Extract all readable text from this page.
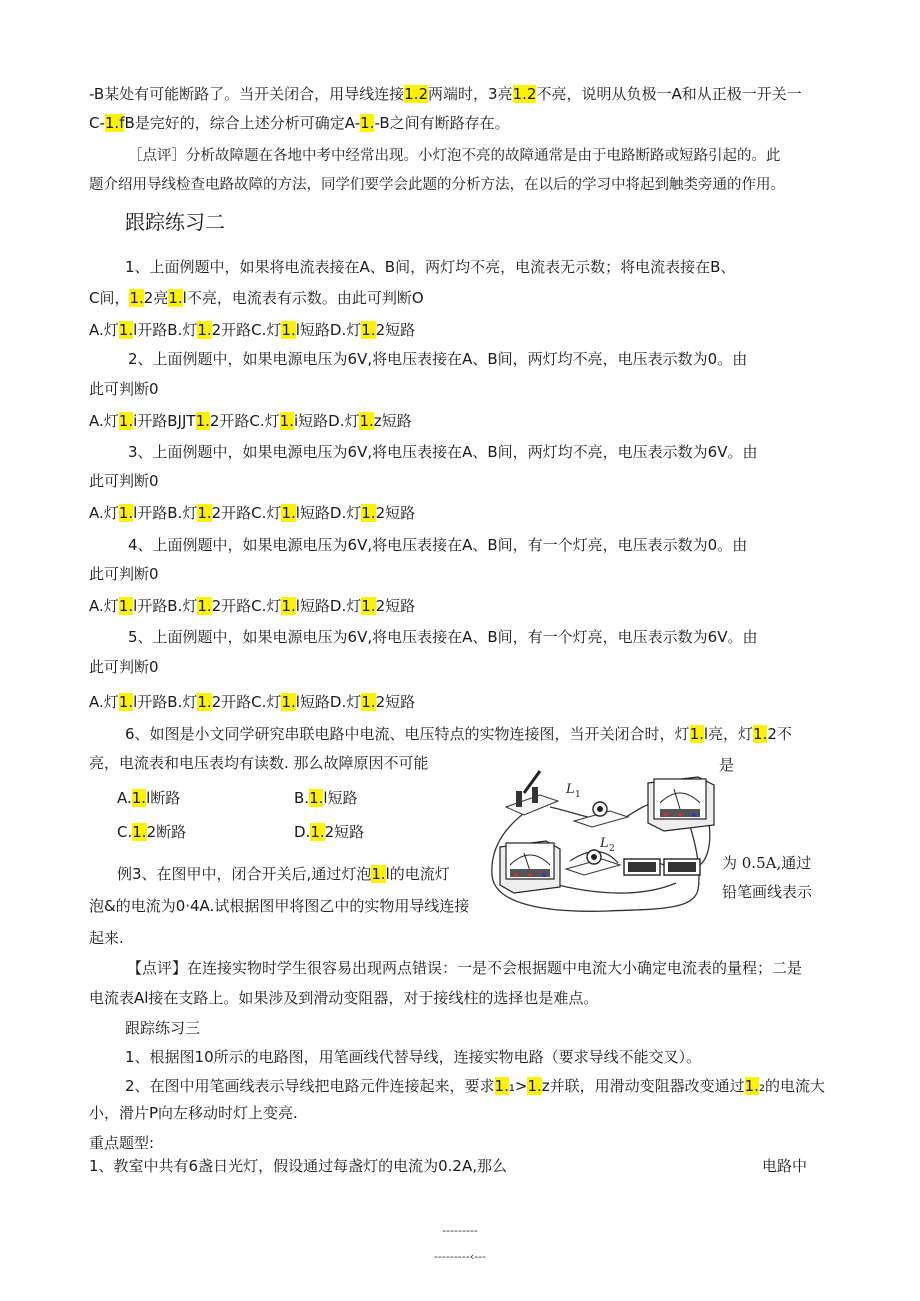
-B某处有可能断路了。当开关闭合，用导线连接1.2两端时，3亮1.2不亮，说明从负极一A和从正极一开关一
C-1.fB是完好的，综合上述分析可确定A-1.-B之间有断路存在。
［点评］分析故障题在各地中考中经常出现。小灯泡不亮的故障通常是由于电路断路或短路引起的。此
题介绍用导线检查电路故障的方法，同学们要学会此题的分析方法，在以后的学习中将起到触类旁通的作用。
跟踪练习二
1、上面例题中，如果将电流表接在A、B间，两灯均不亮，电流表无示数；将电流表接在B、
C间，1.2亮1.l不亮，电流表有示数。由此可判断O
A.灯1.l开路B.灯1.2开路C.灯1.l短路D.灯1.2短路
2、上面例题中，如果电源电压为6V,将电压表接在A、B间，两灯均不亮，电压表示数为0。由
此可判断0
A.灯1.i开路BJJT1.2开路C.灯1.i短路D.灯1.z短路
3、上面例题中，如果电源电压为6V,将电压表接在A、B间，两灯均不亮，电压表示数为6V。由
此可判断0
A.灯1.l开路B.灯1.2开路C.灯1.l短路D.灯1.2短路
4、上面例题中，如果电源电压为6V,将电压表接在A、B间，有一个灯亮，电压表示数为0。由
此可判断0
A.灯1.l开路B.灯1.2开路C.灯1.l短路D.灯1.2短路
5、上面例题中，如果电源电压为6V,将电压表接在A、B间，有一个灯亮，电压表示数为6V。由
此可判断0
A.灯1.l开路B.灯1.2开路C.灯1.l短路D.灯1.2短路
6、如图是小文同学研究串联电路中电流、电压特点的实物连接图，当开关闭合时，灯1.l亮，灯1.2不
亮，电流表和电压表均有读数. 那么故障原因不可能	是
A.1.l断路	B.1.l短路
C.1.2断路	D.1.2短路
L 1
L 2
为 0.5A,通过
铅笔画线表示
例3、在图甲中，闭合开关后,通过灯泡1.l的电流灯
泡&的电流为0·4A.试根据图甲将图乙中的实物用导线连接
起来.
【点评】在连接实物时学生很容易出现两点错误：一是不会根据题中电流大小确定电流表的量程；二是
电流表Al接在支路上。如果涉及到滑动变阻器，对于接线柱的选择也是难点。
跟踪练习三
1、根据图10所示的电路图，用笔画线代替导线，连接实物电路（要求导线不能交叉）。
2、在图中用笔画线表示导线把电路元件连接起来，要求1.₁>1.z并联，用滑动变阻器改变通过1.₂的电流大
小，滑片P向左移动时灯上变亮.
重点题型:
1、教室中共有6盏日光灯，假设通过每盏灯的电流为0.2A,那么	电路中
---------
---------‹---
